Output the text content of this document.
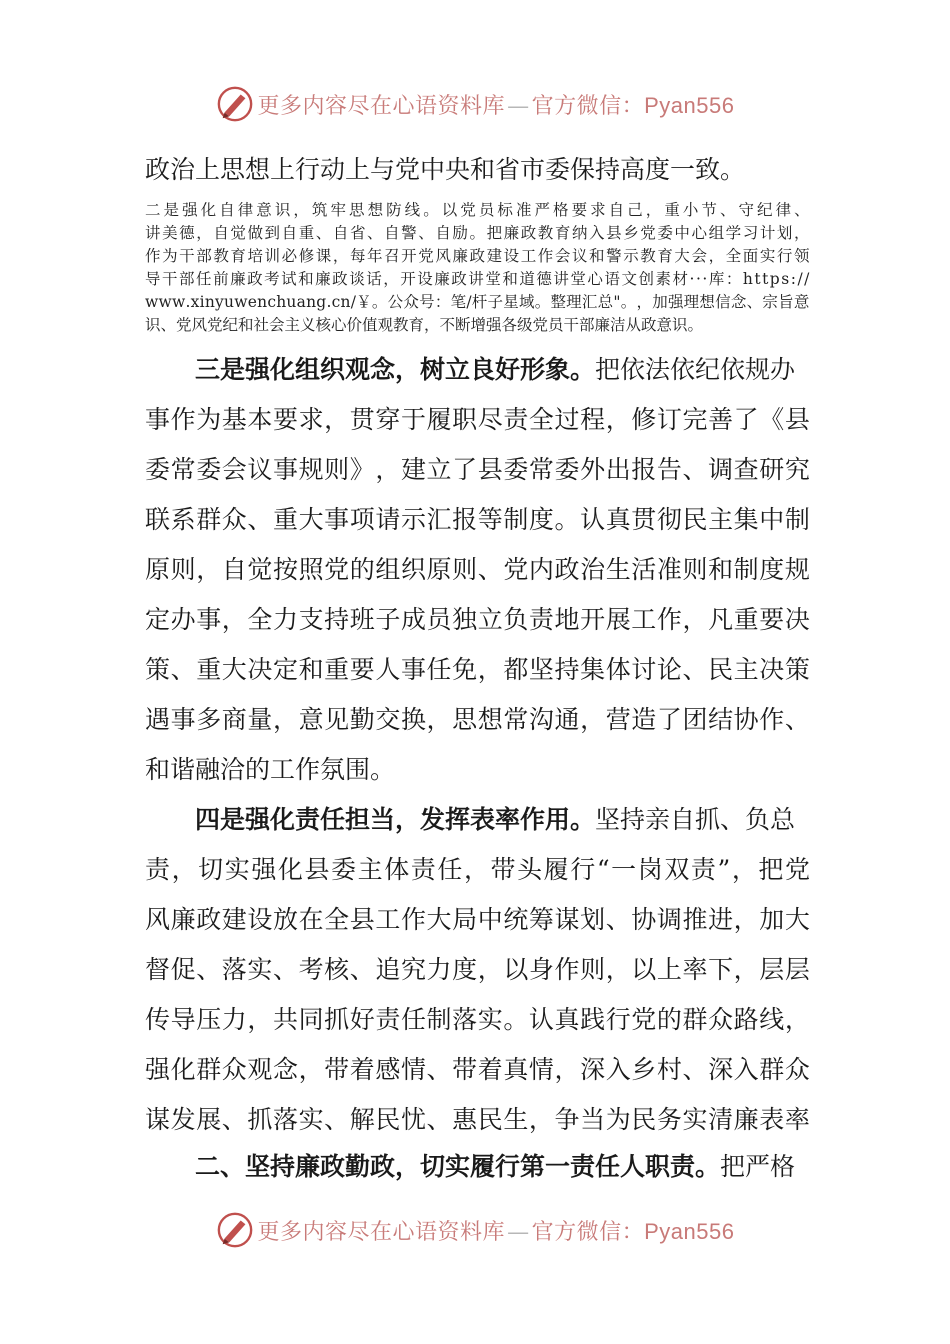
更多内容尽在心语资料库—官方微信：Pyan556
政治上思想上行动上与党中央和省市委保持高度一致。
二 是 强 化 自 律 意 识 ， 筑 牢 思 想 防 线 。 以 党 员 标 准 严 格 要 求 自 己 ， 重 小 节 、 守 纪 律 、
讲 美 德 ， 自 觉 做 到 自 重 、 自 省 、 自 警 、 自 励 。 把 廉 政 教 育 纳 入 县 乡 党 委 中 心 组 学 习 计 划 ，
作 为 干 部 教 育 培 训 必 修 课 ， 每 年 召 开 党 风 廉 政 建 设 工 作 会 议 和 警 示 教 育 大 会 ， 全 面 实 行 领
导 干 部 任 前 廉 政 考 试 和 廉 政 谈 话 ， 开 设 廉 政 讲 堂 和 道 德 讲 堂 心 语 文 创 素 材 · · · 库 ： h t t p s : / /
w w w . x i n y u w e n c h u a n g . c n / ￥ 。 公 众 号 ： 笔 / 杆 子 星 域 。 整 理 汇 总 " 。 ， 加 强 理 想 信 念 、 宗 旨 意
识、党风党纪和社会主义核心价值观教育，不断增强各级党员干部廉洁从政意识。
三是强化组织观念，树立良好形象。 把依法依纪依规办
事 作 为 基 本 要 求 ， 贯 穿 于 履 职 尽 责 全 过 程 ， 修 订 完 善 了 《 县
委 常 委 会 议 事 规 则 》 ， 建 立 了 县 委 常 委 外 出 报 告 、 调 查 研 究
联 系 群 众 、 重 大 事 项 请 示 汇 报 等 制 度 。 认 真 贯 彻 民 主 集 中 制
原 则 ， 自 觉 按 照 党 的 组 织 原 则 、 党 内 政 治 生 活 准 则 和 制 度 规
定 办 事 ， 全 力 支 持 班 子 成 员 独 立 负 责 地 开 展 工 作 ， 凡 重 要 决
策 、 重 大 决 定 和 重 要 人 事 任 免 ， 都 坚 持 集 体 讨 论 、 民 主 决 策
遇 事 多 商 量 ， 意 见 勤 交 换 ， 思 想 常 沟 通 ， 营 造 了 团 结 协 作 、
和谐融洽的工作氛围。
四是强化责任担当，发挥表率作用。 坚持亲自抓、负总
责 ， 切 实 强 化 县 委 主 体 责 任 ， 带 头 履 行 “ 一 岗 双 责 ” ， 把 党
风 廉 政 建 设 放 在 全 县 工 作 大 局 中 统 筹 谋 划 、 协 调 推 进 ， 加 大
督 促 、 落 实 、 考 核 、 追 究 力 度 ， 以 身 作 则 ， 以 上 率 下 ， 层 层
传 导 压 力 ， 共 同 抓 好 责 任 制 落 实 。 认 真 践 行 党 的 群 众 路 线 ，
强 化 群 众 观 念 ， 带 着 感 情 、 带 着 真 情 ， 深 入 乡 村 、 深 入 群 众
谋 发 展 、 抓 落 实 、 解 民 忧 、 惠 民 生 ， 争 当 为 民 务 实 清 廉 表 率
二、坚持廉政勤政，切实履行第一责任人职责。 把严格
更多内容尽在心语资料库—官方微信：Pyan556
